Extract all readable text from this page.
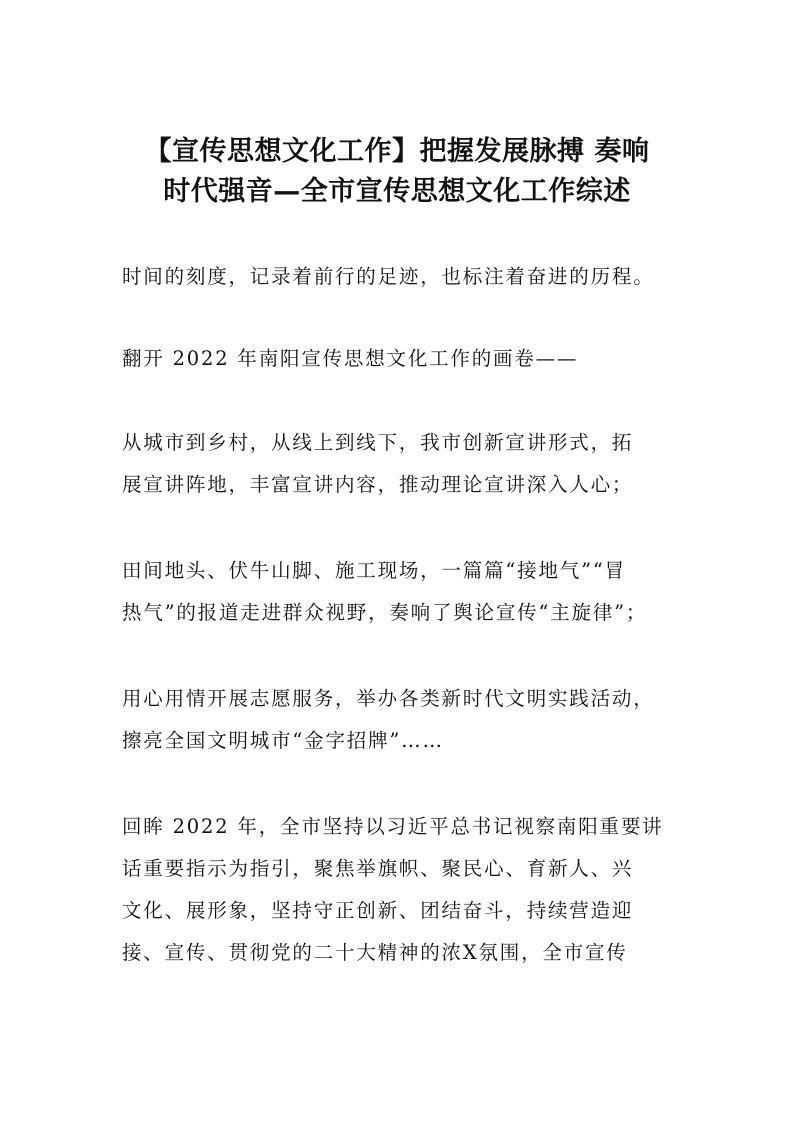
【宣传思想文化工作】把握发展脉搏 奏响
时代强音—全市宣传思想文化工作综述

时间的刻度，记录着前行的足迹，也标注着奋进的历程。

翻开 2022 年南阳宣传思想文化工作的画卷——

从城市到乡村，从线上到线下，我市创新宣讲形式，拓
展宣讲阵地，丰富宣讲内容，推动理论宣讲深入人心；

田间地头、伏牛山脚、施工现场，一篇篇“接地气”“冒
热气”的报道走进群众视野，奏响了舆论宣传“主旋律”；

用心用情开展志愿服务，举办各类新时代文明实践活动，
擦亮全国文明城市“金字招牌”……

回眸 2022 年，全市坚持以习近平总书记视察南阳重要讲
话重要指示为指引，聚焦举旗帜、聚民心、育新人、兴
文化、展形象，坚持守正创新、团结奋斗，持续营造迎
接、宣传、贯彻党的二十大精神的浓X氛围，全市宣传
